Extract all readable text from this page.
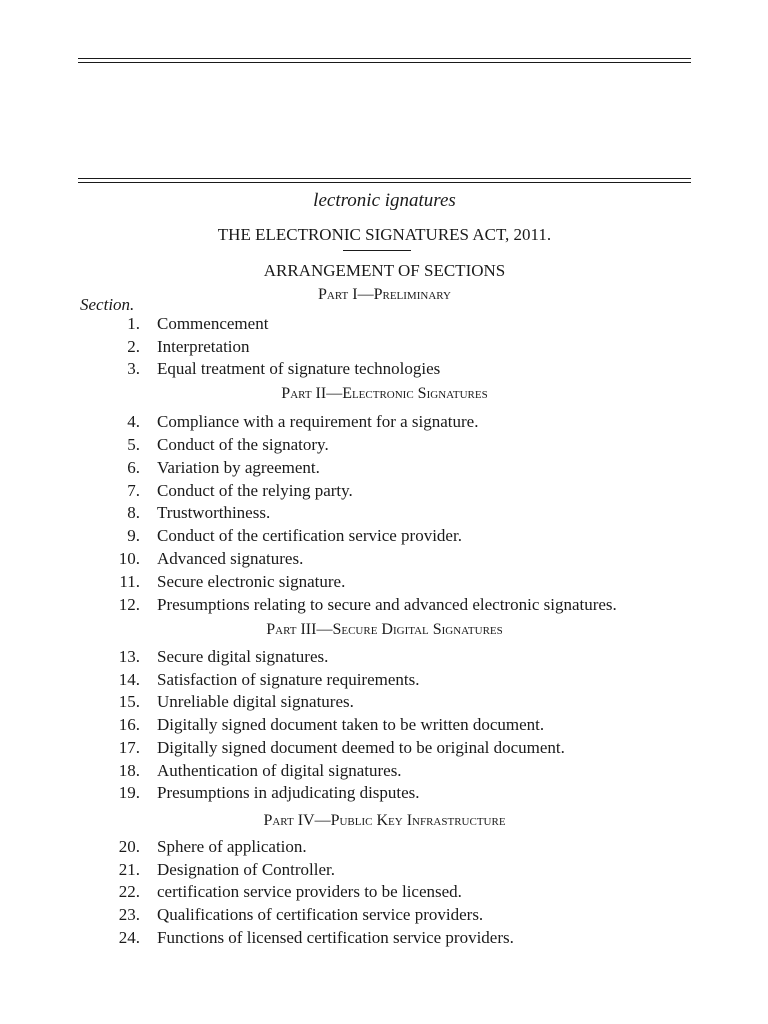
lectronic ignatures
THE ELECTRONIC SIGNATURES ACT, 2011.
ARRANGEMENT OF SECTIONS
Section.
Part I—Preliminary
1. Commencement
2. Interpretation
3. Equal treatment of signature technologies
Part II—Electronic Signatures
4. Compliance with a requirement for a signature.
5. Conduct of the signatory.
6. Variation by agreement.
7. Conduct of the relying party.
8. Trustworthiness.
9. Conduct of the certification service provider.
10. Advanced signatures.
11. Secure electronic signature.
12. Presumptions relating to secure and advanced electronic signatures.
Part III—Secure Digital Signatures
13. Secure digital signatures.
14. Satisfaction of signature requirements.
15. Unreliable digital signatures.
16. Digitally signed document taken to be written document.
17. Digitally signed document deemed to be original document.
18. Authentication of digital signatures.
19. Presumptions in adjudicating disputes.
Part IV—Public Key Infrastructure
20. Sphere of application.
21. Designation of Controller.
22. certification service providers to be licensed.
23. Qualifications of certification service providers.
24. Functions of licensed certification service providers.
